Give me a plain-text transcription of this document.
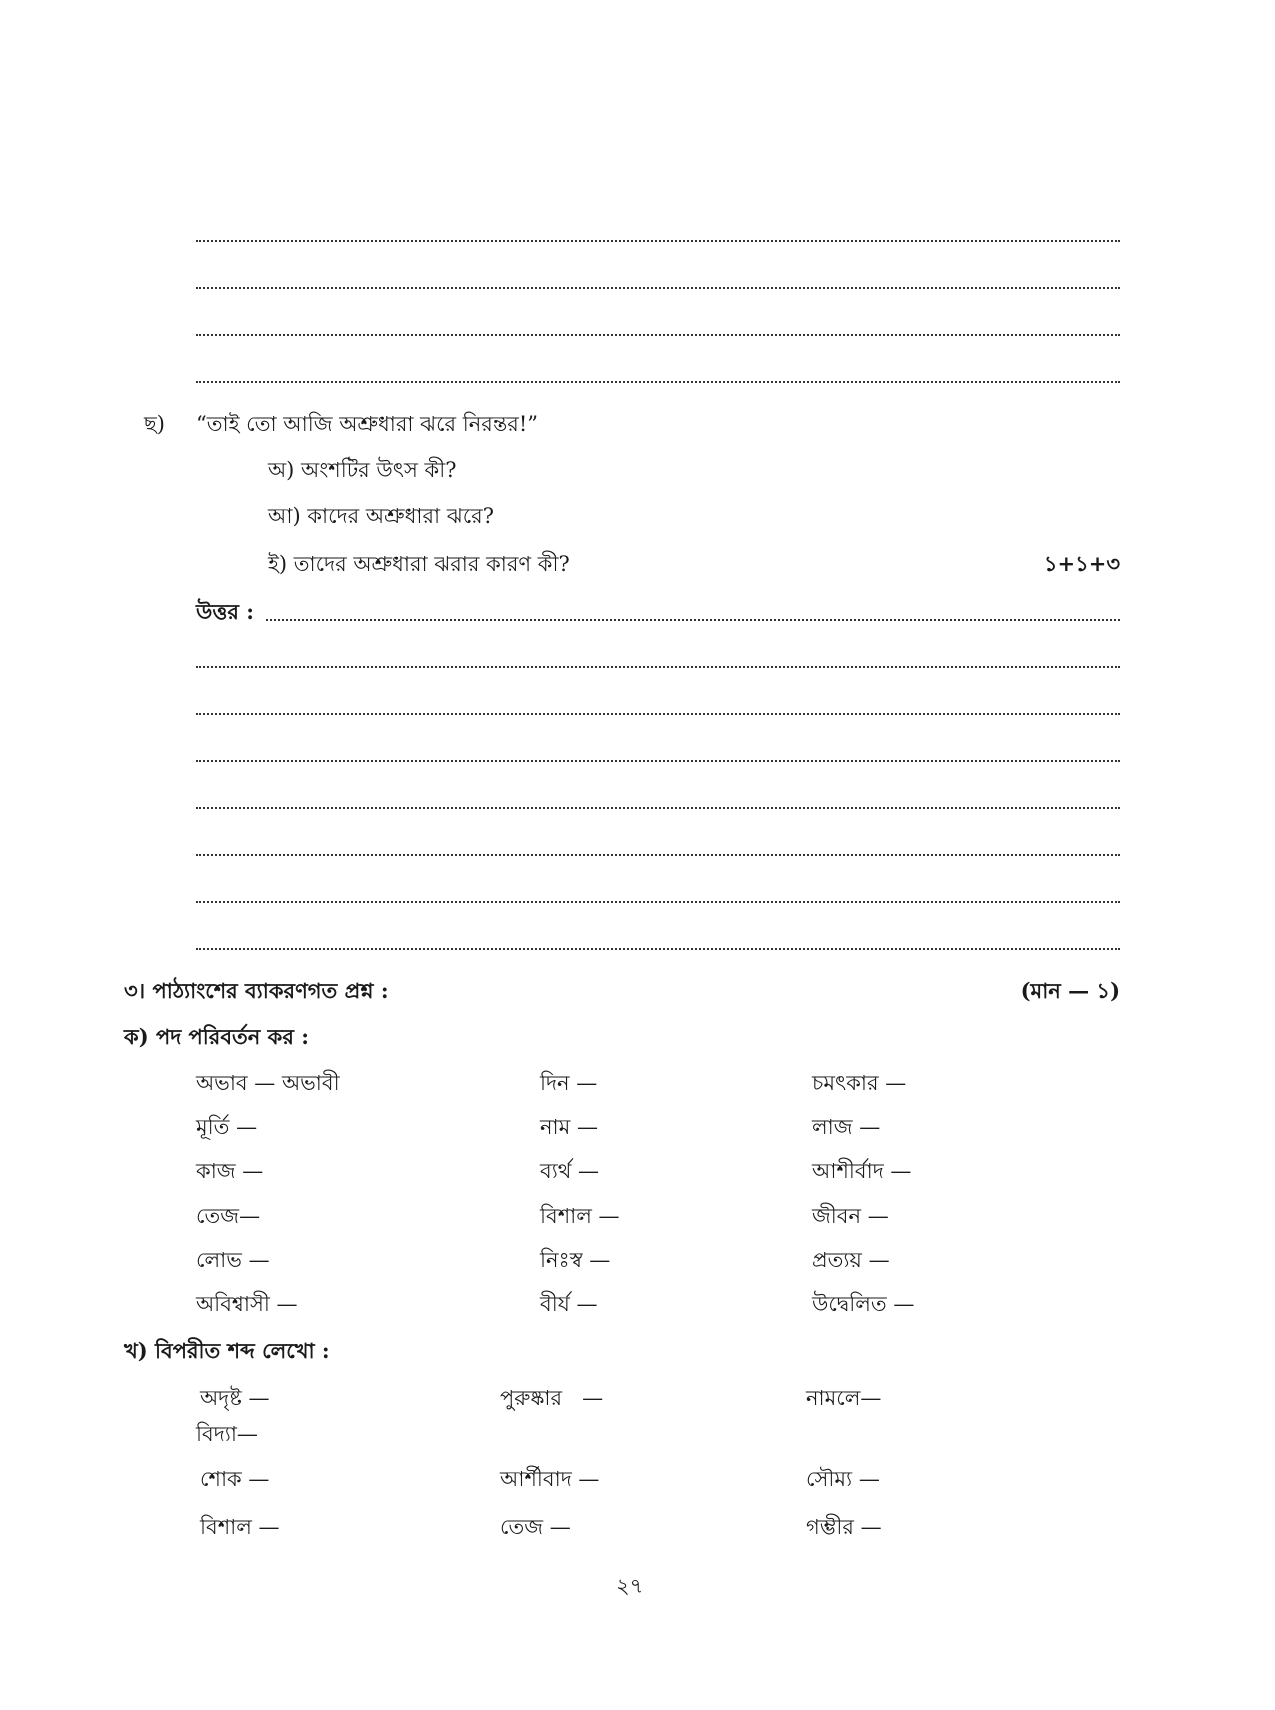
ছ) “তাই তো আজি অশ্রুধারা ঝরে নিরন্তর!”
অ) অংশটির উৎস কী?
আ) কাদের অশ্রুধারা ঝরে?
ই) তাদের অশ্রুধারা ঝরার কারণ কী?	১+১+৩
উত্তর :
৩। পাঠ্যাংশের ব্যাকরণগত প্রশ্ন :	(মান — ১)
ক) পদ পরিবর্তন কর :
অভাব — অভাবী	দিন —	চমৎকার —
মূর্তি —	নাম —	লাজ —
কাজ —	ব্যর্থ —	আশীর্বাদ —
তেজ—	বিশাল —	জীবন —
লোভ —	নিঃস্ব —	প্রত্যয় —
অবিশ্বাসী —	বীর্য —	উদ্বেলিত —
খ) বিপরীত শব্দ লেখো :
অদৃষ্ট —	পুরুষ্কার   —	নামলে—
বিদ্যা—
শোক —	আর্শীবাদ —	সৌম্য —
বিশাল —	তেজ —	গম্ভীর —
২৭
